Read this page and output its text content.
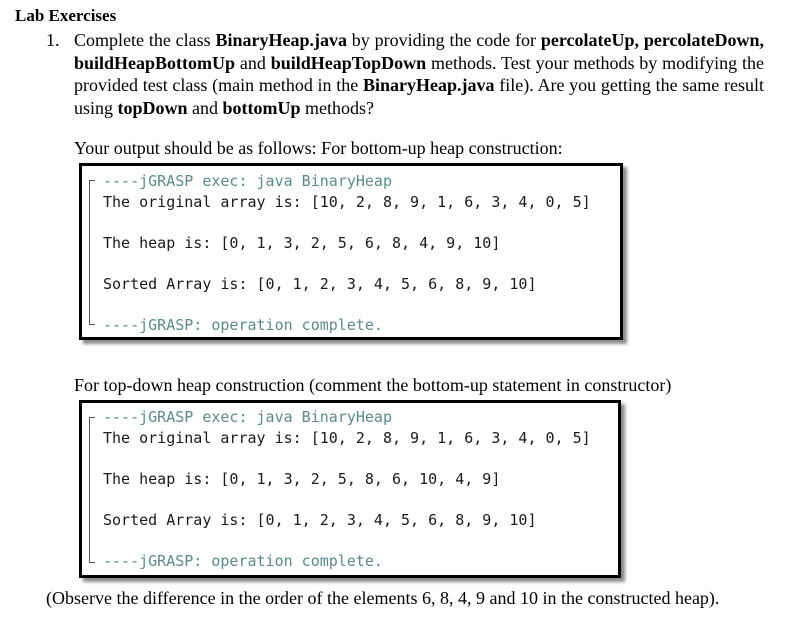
Lab Exercises
1. Complete the class BinaryHeap.java by providing the code for percolateUp, percolateDown, buildHeapBottomUp and buildHeapTopDown methods. Test your methods by modifying the provided test class (main method in the BinaryHeap.java file). Are you getting the same result using topDown and bottomUp methods?
Your output should be as follows: For bottom-up heap construction:
----jGRASP exec: java BinaryHeap
The original array is: [10, 2, 8, 9, 1, 6, 3, 4, 0, 5]
The heap is: [0, 1, 3, 2, 5, 6, 8, 4, 9, 10]
Sorted Array is: [0, 1, 2, 3, 4, 5, 6, 8, 9, 10]
----jGRASP: operation complete.
For top-down heap construction (comment the bottom-up statement in constructor)
----jGRASP exec: java BinaryHeap
The original array is: [10, 2, 8, 9, 1, 6, 3, 4, 0, 5]
The heap is: [0, 1, 3, 2, 5, 8, 6, 10, 4, 9]
Sorted Array is: [0, 1, 2, 3, 4, 5, 6, 8, 9, 10]
----jGRASP: operation complete.
(Observe the difference in the order of the elements 6, 8, 4, 9 and 10 in the constructed heap).
